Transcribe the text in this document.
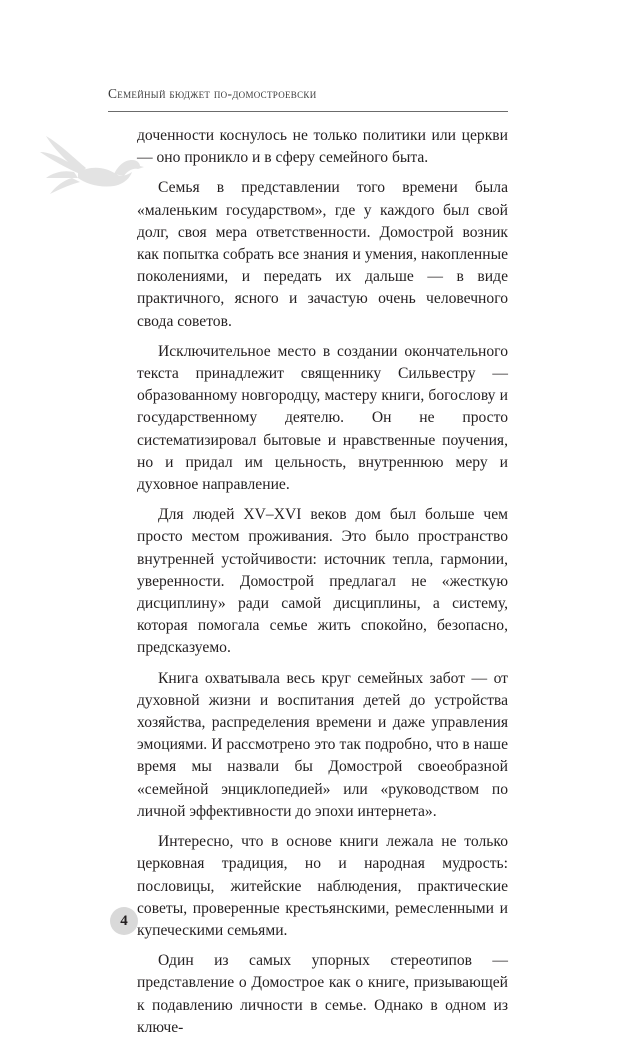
Семейный бюджет по-домостроевски

доченности коснулось не только политики или церкви — оно проникло и в сферу семейного быта.

Семья в представлении того времени была «маленьким государством», где у каждого был свой долг, своя мера ответственности. Домострой возник как попытка собрать все знания и умения, накопленные поколениями, и передать их дальше — в виде практичного, ясного и зачастую очень человечного свода советов.

Исключительное место в создании окончательного текста принадлежит священнику Сильвестру — образованному новгородцу, мастеру книги, богослову и государственному деятелю. Он не просто систематизировал бытовые и нравственные поучения, но и придал им цельность, внутреннюю меру и духовное направление.

Для людей XV–XVI веков дом был больше чем просто местом проживания. Это было пространство внутренней устойчивости: источник тепла, гармонии, уверенности. Домострой предлагал не «жесткую дисциплину» ради самой дисциплины, а систему, которая помогала семье жить спокойно, безопасно, предсказуемо.

Книга охватывала весь круг семейных забот — от духовной жизни и воспитания детей до устройства хозяйства, распределения времени и даже управления эмоциями. И рассмотрено это так подробно, что в наше время мы назвали бы Домострой своеобразной «семейной энциклопедией» или «руководством по личной эффективности до эпохи интернета».

Интересно, что в основе книги лежала не только церковная традиция, но и народная мудрость: пословицы, житейские наблюдения, практические советы, проверенные крестьянскими, ремесленными и купеческими семьями.

Один из самых упорных стереотипов — представление о Домострое как о книге, призывающей к подавлению личности в семье. Однако в одном из ключе-

4
